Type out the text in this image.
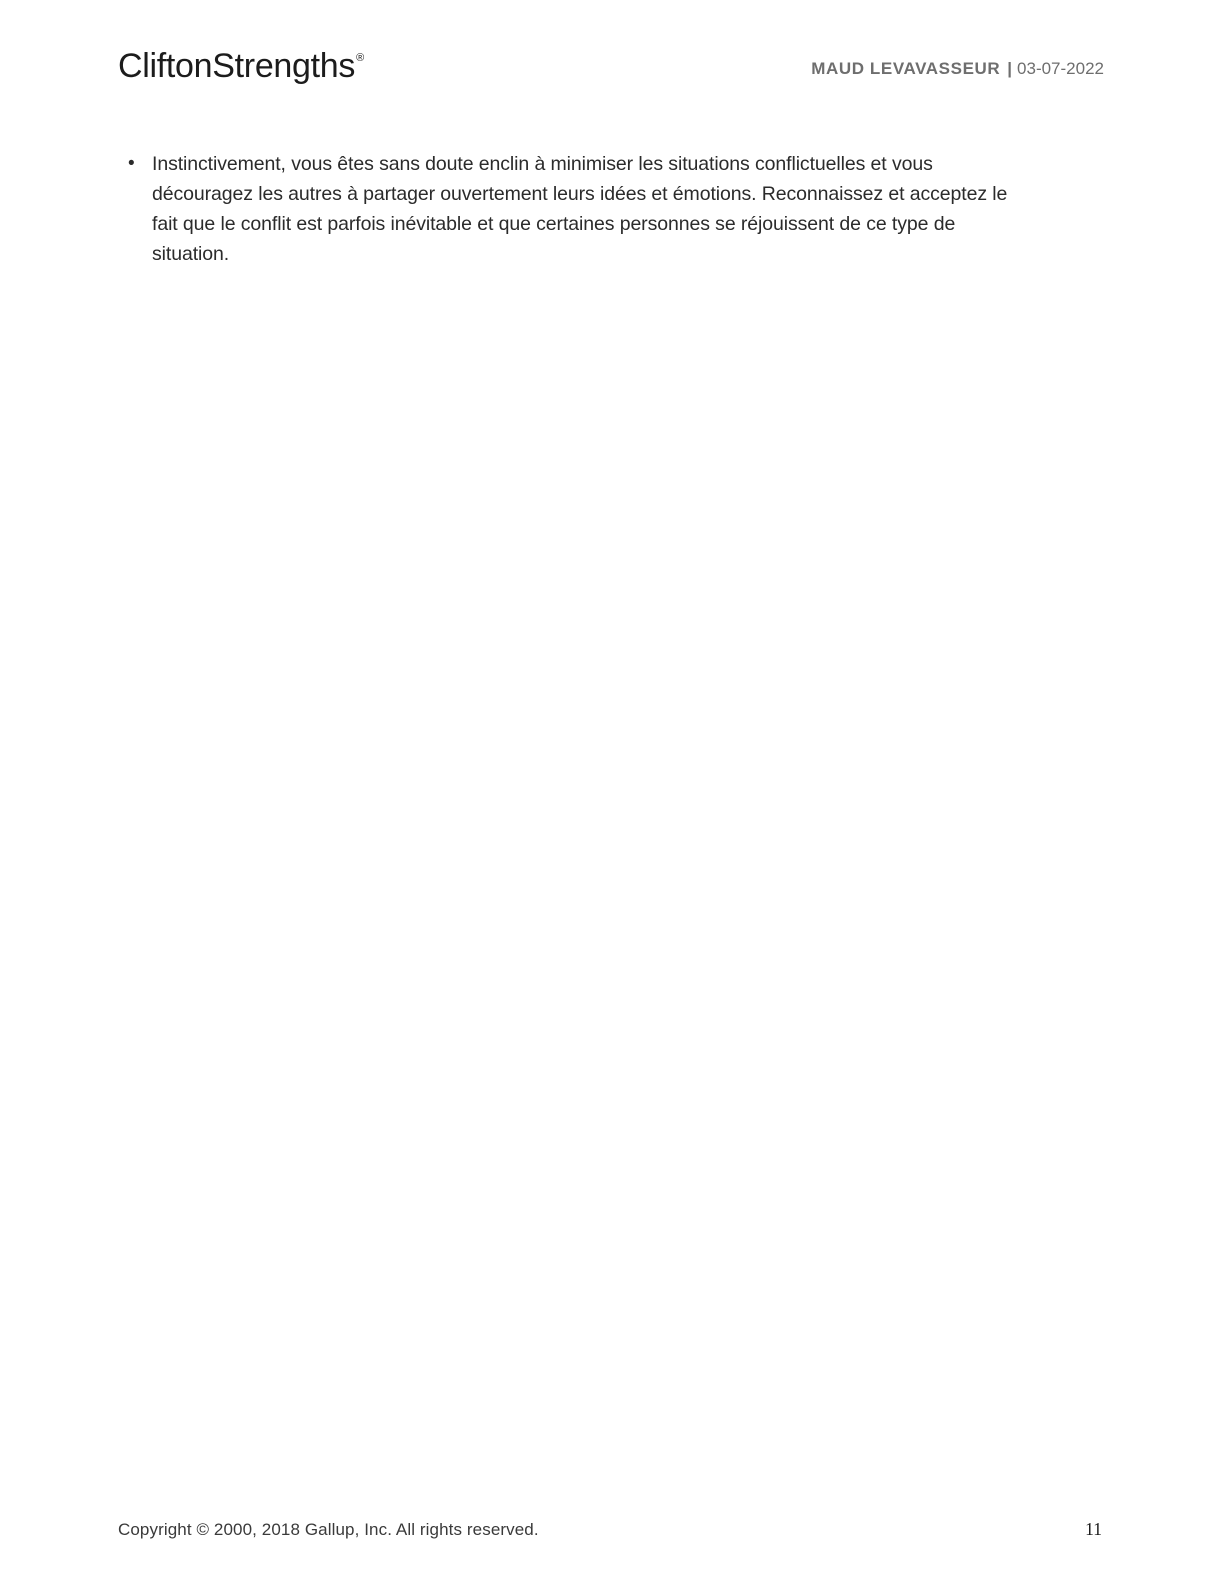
CliftonStrengths®
MAUD LEVAVASSEUR | 03-07-2022
• Instinctivement, vous êtes sans doute enclin à minimiser les situations conflictuelles et vous découragez les autres à partager ouvertement leurs idées et émotions. Reconnaissez et acceptez le fait que le conflit est parfois inévitable et que certaines personnes se réjouissent de ce type de situation.
Copyright © 2000, 2018 Gallup, Inc. All rights reserved.	11
